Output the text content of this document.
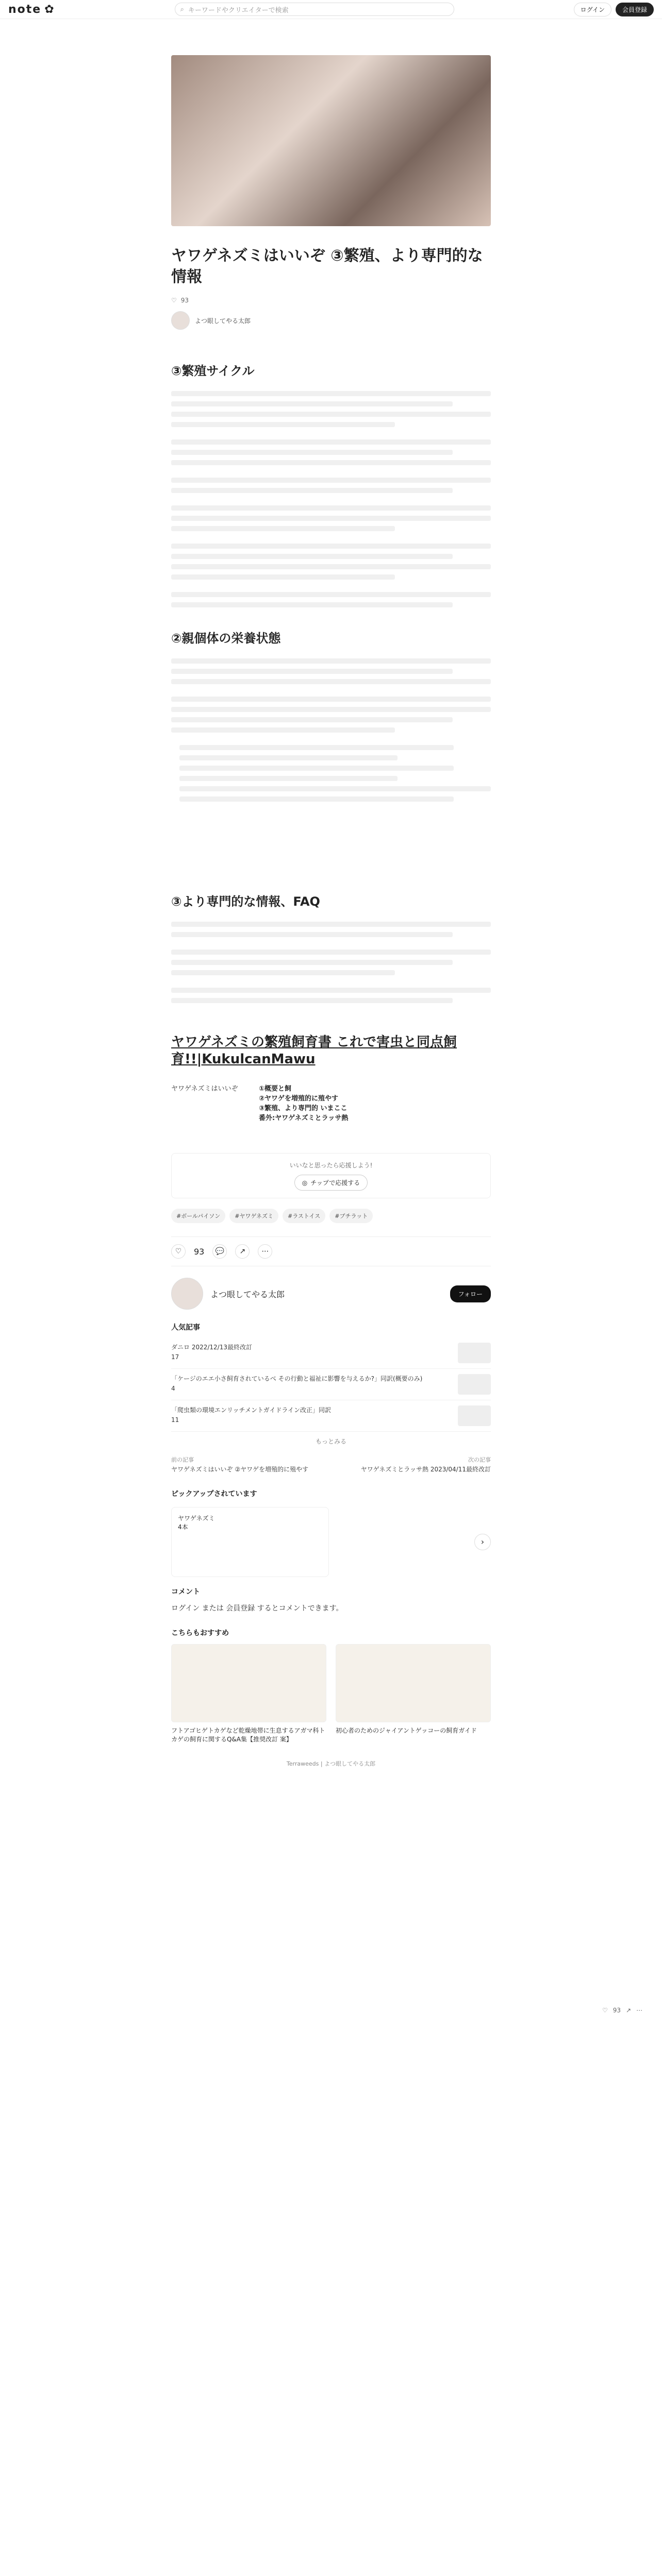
note ✿	⌕ キーワードやクリエイターで検索	ログイン	会員登録
ヤワゲネズミはいいぞ ③繁殖、より専門的な情報
♡ 93
よつ眼してやる太郎
③繁殖サイクル
②親個体の栄養状態
③より専門的な情報、FAQ
ヤワゲネズミの繁殖飼育書 これで害虫と同点飼育!!|KukulcanMawu
ヤワゲネズミはいいぞ	①概要と飼
②ヤワゲを増殖的に殖やす
③繁殖、より専門的 いまここ
番外:ヤワゲネズミとラッサ熱
いいなと思ったら応援しよう!
◎ チップで応援する
#ボールパイソン	#ヤワゲネズミ	#ラストイス	#ブチラット
♡	93	💬	↗	⋯
よつ眼してやる太郎	フォロー
人気記事
ダニロ 2022/12/13最終改訂
17
「ケージのエエ小さ飼育されているべ その行動と福祉に影響を与えるか?」同訳(概要のみ)
4
「爬虫類の環境エンリッチメントガイドライン改正」同訳
11
もっとみる
前の記事
ヤワゲネズミはいいぞ ②ヤワゲを増殖的に殖やす
次の記事
ヤワゲネズミとラッサ熱 2023/04/11最終改訂
ピックアップされています
ヤワゲネズミ
4本
›
コメント
ログイン または 会員登録 するとコメントできます。
こちらもおすすめ
フトアゴヒゲトカゲなど乾燥地帯に生息するアガマ科トカゲの飼育に関するQ&A集【推奨改訂 案】
初心者のためのジャイアントゲッコーの飼育ガイド
Terraweeds | よつ眼してやる太郎
♡ 93 ↗ ⋯
